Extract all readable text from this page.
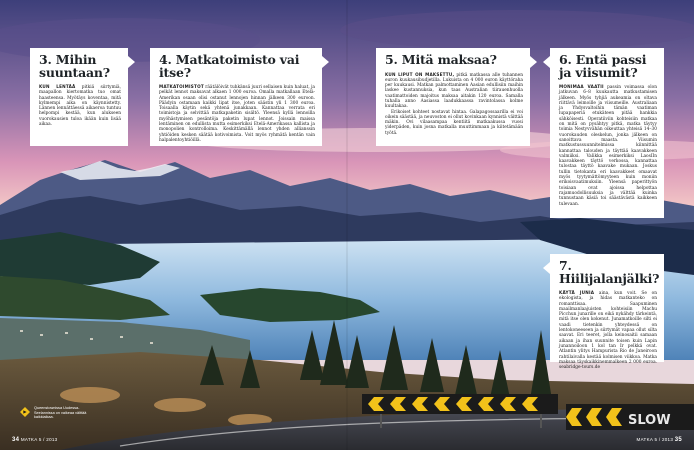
SLOW
3. Mihin suuntaan?

KUN LENTÄÄ pitkiä siirtymiä, maapallon kiertomatka tuo omat haasteensa. Myötäys koventaa, mitä kylmempi aika on käynnistetty. Lännen lennättäessä aikaeroa tuntuu helpompi kestää, kun alukseen vuorokausien tuloa ikään kuin lisää aikaa.

4. Matkatoimisto vai itse?

MATKATOIMISTOT räätälöivät tuhkänsä juuri sellaisen kuin haluat, ja pelkät lennot maksavat alkaen 1 000 euroa. Omalla matkallaan Etelä-Amerikan osaan olisi ostanut lennojen hinnan jälkeen 300 euroon. Päädyin ostamaan kaikki lipat itse, joten säästin yli 1 300 euroa. Toisaalla käytin sekä yhtenä junakkaan. Kannattaa verrata eri toimistoja ja selvittää matkapaketin sisältö. Yleensä kyllä lennoilla myöhästymisen pesäntöja paketin lupat lennot. Joissain maissa lentäminen on edullista mutta esimerkiksi Etelä-Amerikassa kallista ja monopolien kontrolloima. Keskittämällä lennot yhden allianssin yhtiöiden kesken säätää kotivoimista. Voit myös ryhmätä kentän vain halpalentoyhtiöillä.

5. Mitä maksaa?

KUN LIPUT ON MAKSETTU, pitkä matkassa alle tuhannen euron kuukausibudjetilla. Lukuista on 4 000 euron käyttöraha per kuukausi. Matkan palmottaminen Aasian edullisiin maihin laskee kustannuksia, kun taas Australian tiirauenhuolla vaatimattoiden majoitus maksaa aitakin 120 euroa. Samalla tuhalla anno Aasiassa laadukkaassa ravintolassa kolme kuultakaa.

Erikoiset kohteet nostavat hintaa. Galapagossaarilla ei voi oikein säästää, ja neuvoston ei ollut kovinkaan kynnistä väittää mäkin. Ovi vilaasampaa kentiitä matkaakussa vuosi yiderpäden, kuin josna matkalla muuttimmaan ja kiitetämään työtä.

6. Entä passi ja viisumit?

MONIMAA VAATII passin voimassa olon jatkuvan 6–8 kuukautta matkustamisen jälkeen. Myös tyhjiä aukeamia on oltava riittävä leimoille ja viisumeille. Australiaan ja Yhdysvaltoihin tämän vaatiman lupapaperiä etukäteen pitää hankkia sähköisesti. Operatiiviin kohteisiin matkaa on mitä on pysähtyy pitkä, matka täytyy toimia Nestyvvähän oikeuttaa yhteisä 14–30 vuorokauden oleskelun, jonka jälkeen on sanoittava maasta. Viisumin matkustussuunnitelmissa kiinnittää kannattaa talouden ja täyttää kaavakkeen valmiiksi. Valikka esimerkiksi LaosIIn kaavakkeen täyttö verkossa, kannattaa tulostaa täyttö kaavake mukaan. Joskus tullin tietokanta eri kaavakkeet omaavat myös tyytymättömyyteen kuin moniin erikoisvaatimuksiin. Yleensä paperittyön toisiaan ovat ajoissa helpottaa rajamuodollisuuksia ja välttää kuinka tunnustaan käsiä toi säästävästä kaikkeen tulevaan.

7. Hiilijalanjälki?

KÄYTÄ JUNIA aina, kun voit. Se on ekologista, ja hidas matkanteko on romanttisaa. Saapuminen maailmanlaajuisten kohteisiin Machu Picchun junarille on eikä nykähdy tärkeintä, mitä itse olen kokenut. Junamatkoille silti ei vaadi tietenkin yhteydessä on lentokoneeseen ja siirtymät vapaa ollut silta saavat. Eri teeret, jolla keinosaitii samaan aikaan ja ihan suunnite toisen kuin Lapin junannoiloon 1 kol tan Ir pelkkä ovat. Atlantin ylitys Hampurista Rio de Janeiroon rahtilaivalla kestää kolmisen viikkoa. Matka maksaa täyskaikkinemmalkeen 2 000 euroa. seabridge-tours.de

Queenstownissa Uudessa-Seelannissa on vaikeaa välttää kaikkiaikaa.
34 MATKA 5 / 2013	MATKA 5 / 2013 35
